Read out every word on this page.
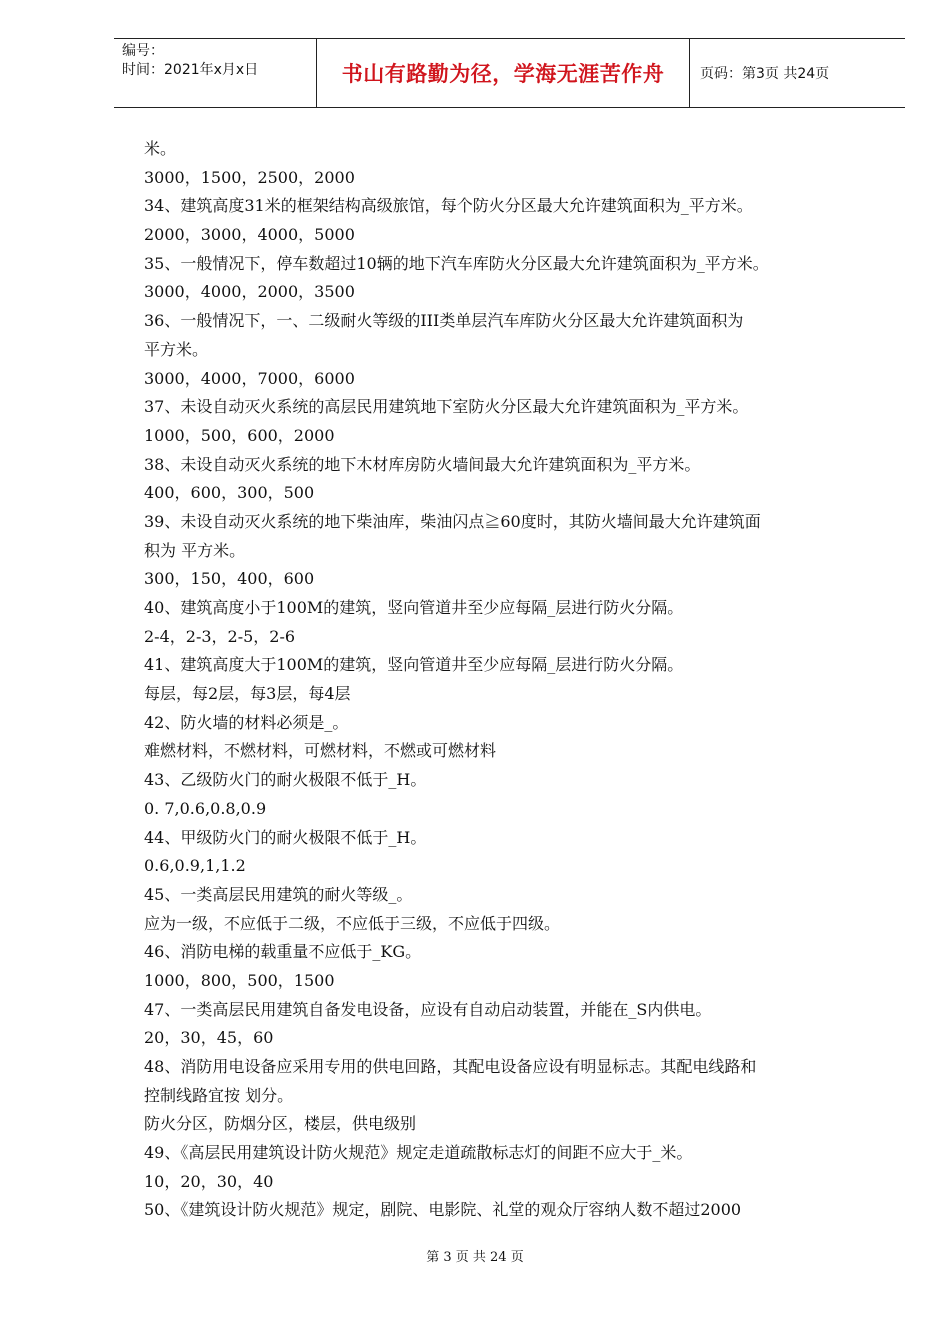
编号：
时间：2021年x月x日	书山有路勤为径，学海无涯苦作舟	页码：第3页 共24页
米。
3000，1500，2500，2000
34、建筑高度31米的框架结构高级旅馆，每个防火分区最大允许建筑面积为_平方米。
2000，3000，4000，5000
35、一般情况下，停车数超过10辆的地下汽车库防火分区最大允许建筑面积为_平方米。
3000，4000，2000，3500
36、一般情况下，一、二级耐火等级的III类单层汽车库防火分区最大允许建筑面积为
平方米。
3000，4000，7000，6000
37、未设自动灭火系统的高层民用建筑地下室防火分区最大允许建筑面积为_平方米。
1000，500，600，2000
38、未设自动灭火系统的地下木材库房防火墙间最大允许建筑面积为_平方米。
400，600，300，500
39、未设自动灭火系统的地下柴油库，柴油闪点≧60度时，其防火墙间最大允许建筑面
积为 平方米。
300，150，400，600
40、建筑高度小于100M的建筑，竖向管道井至少应每隔_层进行防火分隔。
2-4，2-3，2-5，2-6
41、建筑高度大于100M的建筑，竖向管道井至少应每隔_层进行防火分隔。
每层，每2层，每3层，每4层
42、防火墙的材料必须是_。
难燃材料，不燃材料，可燃材料，不燃或可燃材料
43、乙级防火门的耐火极限不低于_H。
0. 7,0.6,0.8,0.9
44、甲级防火门的耐火极限不低于_H。
0.6,0.9,1,1.2
45、一类高层民用建筑的耐火等级_。
应为一级，不应低于二级，不应低于三级，不应低于四级。
46、消防电梯的载重量不应低于_KG。
1000，800，500，1500
47、一类高层民用建筑自备发电设备，应设有自动启动装置，并能在_S内供电。
20，30，45，60
48、消防用电设备应采用专用的供电回路，其配电设备应设有明显标志。其配电线路和
控制线路宜按 划分。
防火分区，防烟分区，楼层，供电级别
49、《高层民用建筑设计防火规范》规定走道疏散标志灯的间距不应大于_米。
10，20，30，40
50、《建筑设计防火规范》规定，剧院、电影院、礼堂的观众厅容纳人数不超过2000
第 3 页 共 24 页
